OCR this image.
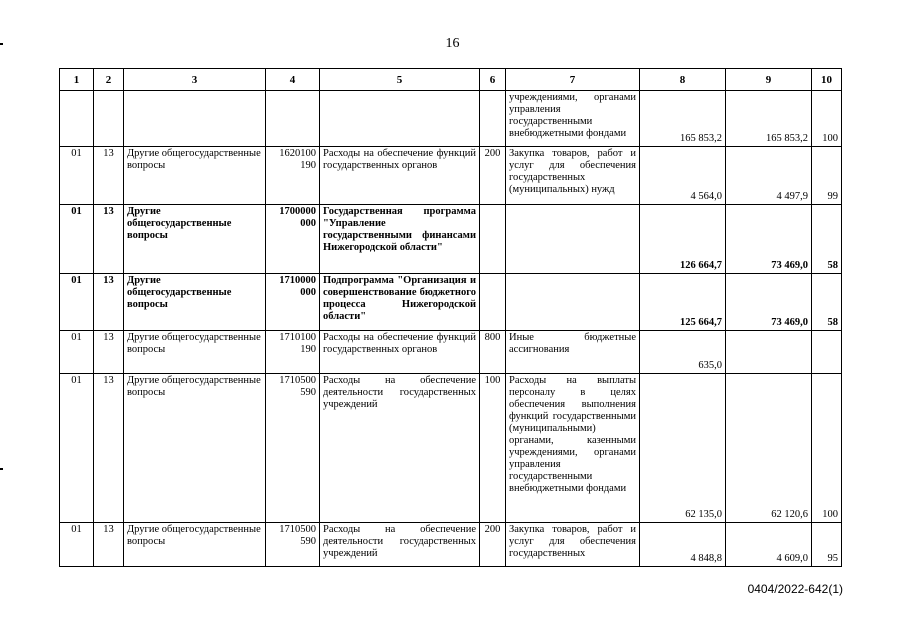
16
1	2	3	4	5	6	7	8	9	10
						учреждениями, органами управления государственными внебюджетными фондами	165 853,2	165 853,2	100
01	13	Другие общегосударственные вопросы	1620100 190	Расходы на обеспечение функций государственных органов	200	Закупка товаров, работ и услуг для обеспечения государственных (муниципальных) нужд	4 564,0	4 497,9	99
01	13	Другие общегосударственные вопросы	1700000 000	Государственная программа "Управление государственными финансами Нижегородской области"			126 664,7	73 469,0	58
01	13	Другие общегосударственные вопросы	1710000 000	Подпрограмма "Организация и совершенствование бюджетного процесса Нижегородской области"			125 664,7	73 469,0	58
01	13	Другие общегосударственные вопросы	1710100 190	Расходы на обеспечение функций государственных органов	800	Иные бюджетные ассигнования	635,0		
01	13	Другие общегосударственные вопросы	1710500 590	Расходы на обеспечение деятельности государственных учреждений	100	Расходы на выплаты персоналу в целях обеспечения выполнения функций государственными (муниципальными) органами, казенными учреждениями, органами управления государственными внебюджетными фондами	62 135,0	62 120,6	100
01	13	Другие общегосударственные вопросы	1710500 590	Расходы на обеспечение деятельности государственных учреждений	200	Закупка товаров, работ и услуг для обеспечения государственных	4 848,8	4 609,0	95
0404/2022-642(1)
